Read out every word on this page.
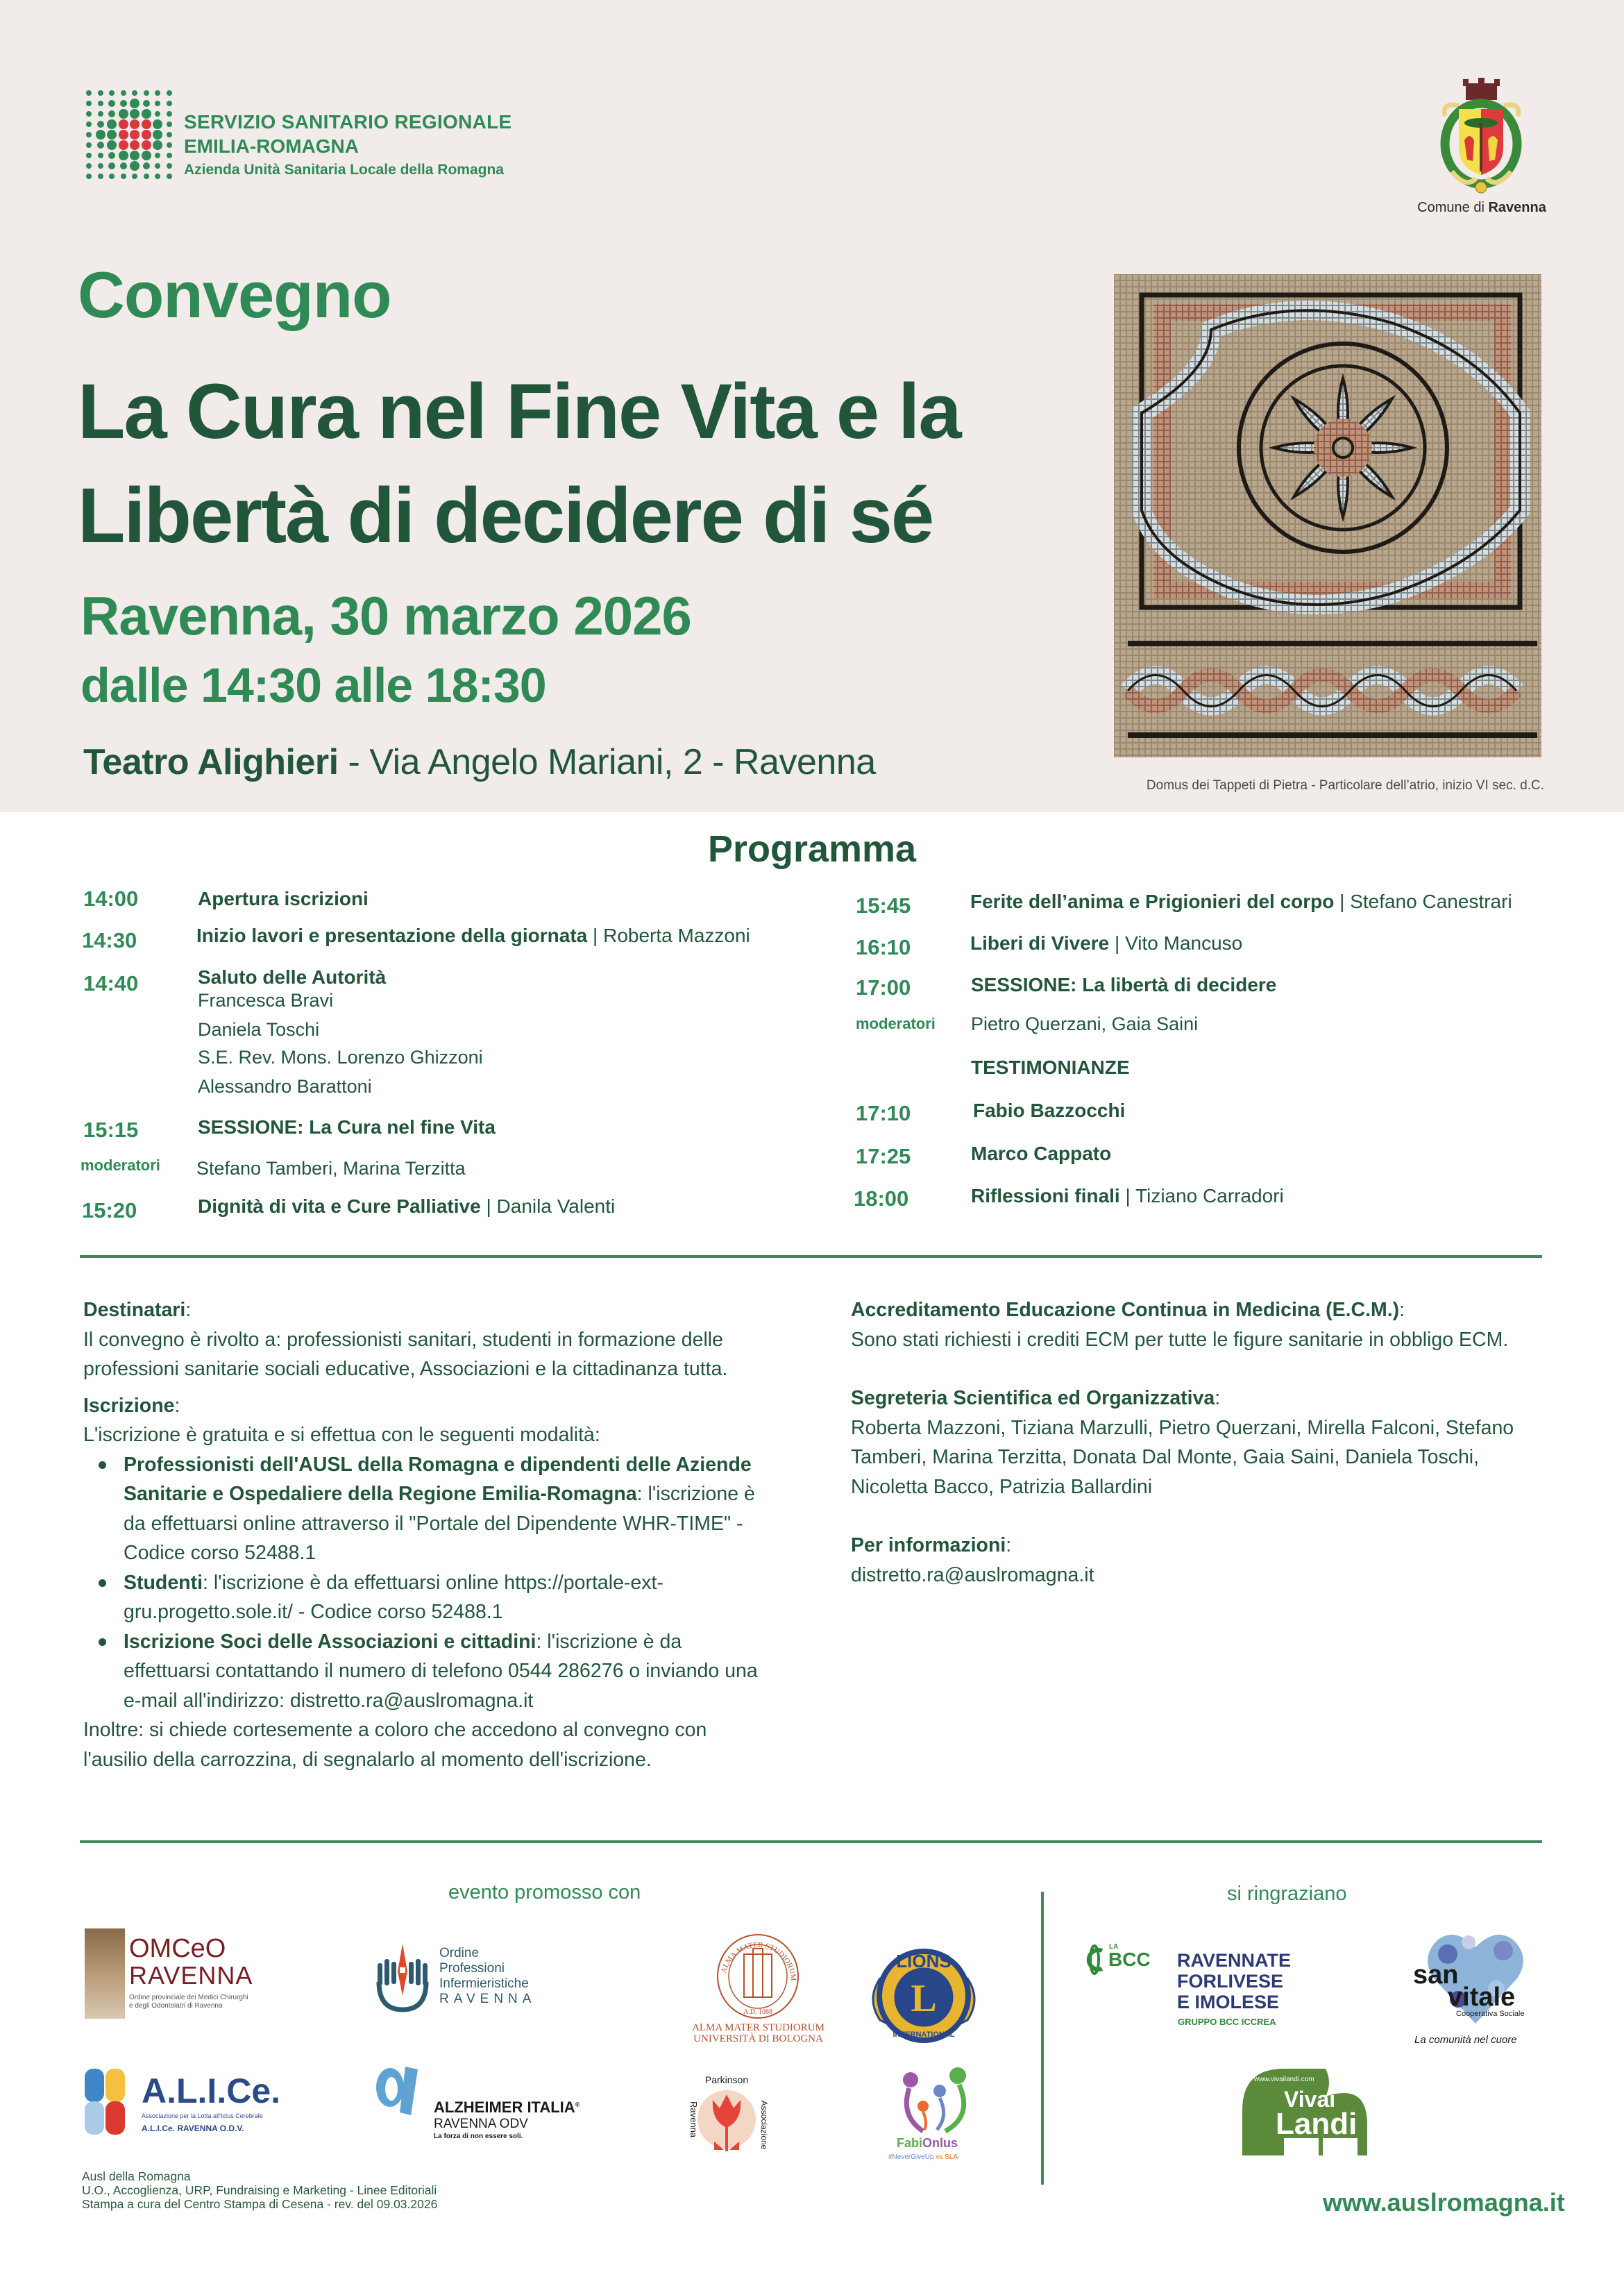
SERVIZIO SANITARIO REGIONALE
EMILIA-ROMAGNA
Azienda Unità Sanitaria Locale della Romagna
Comune di Ravenna
Convegno
La Cura nel Fine Vita e la
Libertà di decidere di sé
Ravenna, 30 marzo 2026
dalle 14:30 alle 18:30
Teatro Alighieri - Via Angelo Mariani, 2 - Ravenna
Domus dei Tappeti di Pietra - Particolare dell’atrio, inizio VI sec. d.C.
Programma
14:00	Apertura iscrizioni
14:30	Inizio lavori e presentazione della giornata | Roberta Mazzoni
14:40	Saluto delle Autorità
Francesca Bravi
Daniela Toschi
S.E. Rev. Mons. Lorenzo Ghizzoni
Alessandro Barattoni
15:15	SESSIONE: La Cura nel fine Vita
moderatori Stefano Tamberi, Marina Terzitta
15:20	Dignità di vita e Cure Palliative | Danila Valenti
15:45	Ferite dell’anima e Prigionieri del corpo | Stefano Canestrari
16:10	Liberi di Vivere | Vito Mancuso
17:00	SESSIONE: La libertà di decidere
moderatori Pietro Querzani, Gaia Saini
TESTIMONIANZE
17:10	Fabio Bazzocchi
17:25	Marco Cappato
18:00	Riflessioni finali | Tiziano Carradori
Destinatari:
Il convegno è rivolto a: professionisti sanitari, studenti in formazione delle professioni sanitarie sociali educative, Associazioni e la cittadinanza tutta.
Iscrizione:
L'iscrizione è gratuita e si effettua con le seguenti modalità:
Professionisti dell'AUSL della Romagna e dipendenti delle Aziende Sanitarie e Ospedaliere della Regione Emilia-Romagna: l'iscrizione è da effettuarsi online attraverso il "Portale del Dipendente WHR-TIME" - Codice corso 52488.1
Studenti: l'iscrizione è da effettuarsi online https://portale-ext-gru.progetto.sole.it/ - Codice corso 52488.1
Iscrizione Soci delle Associazioni e cittadini: l'iscrizione è da effettuarsi contattando il numero di telefono 0544 286276 o inviando una e-mail all'indirizzo: distretto.ra@auslromagna.it
Inoltre: si chiede cortesemente a coloro che accedono al convegno con l'ausilio della carrozzina, di segnalarlo al momento dell'iscrizione.
Accreditamento Educazione Continua in Medicina (E.C.M.):
Sono stati richiesti i crediti ECM per tutte le figure sanitarie in obbligo ECM.
Segreteria Scientifica ed Organizzativa:
Roberta Mazzoni, Tiziana Marzulli, Pietro Querzani, Mirella Falconi, Stefano Tamberi, Marina Terzitta, Donata Dal Monte, Gaia Saini, Daniela Toschi, Nicoletta Bacco, Patrizia Ballardini
Per informazioni:
distretto.ra@auslromagna.it
evento promosso con	si ringraziano
OMCeO
RAVENNA
Ordine provinciale dei Medici Chirurghi
e degli Odontoiatri di Ravenna
Ordine
Professioni
Infermieristiche
RAVENNA
ALMA MATER STUDIORUM
A.D. 1088
ALMA MATER STUDIORUM
UNIVERSITÀ DI BOLOGNA
LIONS
L
INTERNATIONAL
LA
BCC RAVENNATE
FORLIVESE
E IMOLESE
GRUPPO BCC ICCREA
san
vitale
Cooperativa Sociale
La comunità nel cuore
A.L.I.Ce.
Associazione per la Lotta all'Ictus Cerebrale
A.L.I.Ce. RAVENNA O.D.V.
ALZHEIMER ITALIA®
RAVENNA ODV
La forza di non essere soli.
Parkinson
Ravenna	Associazione	FabiOnlus
#NeverGiveUp vs SLA
www.vivailandi.com
Vivai
Landi
3485258662
Ausl della Romagna
U.O., Accoglienza, URP, Fundraising e Marketing - Linee Editoriali
Stampa a cura del Centro Stampa di Cesena - rev. del 09.03.2026	www.auslromagna.it
